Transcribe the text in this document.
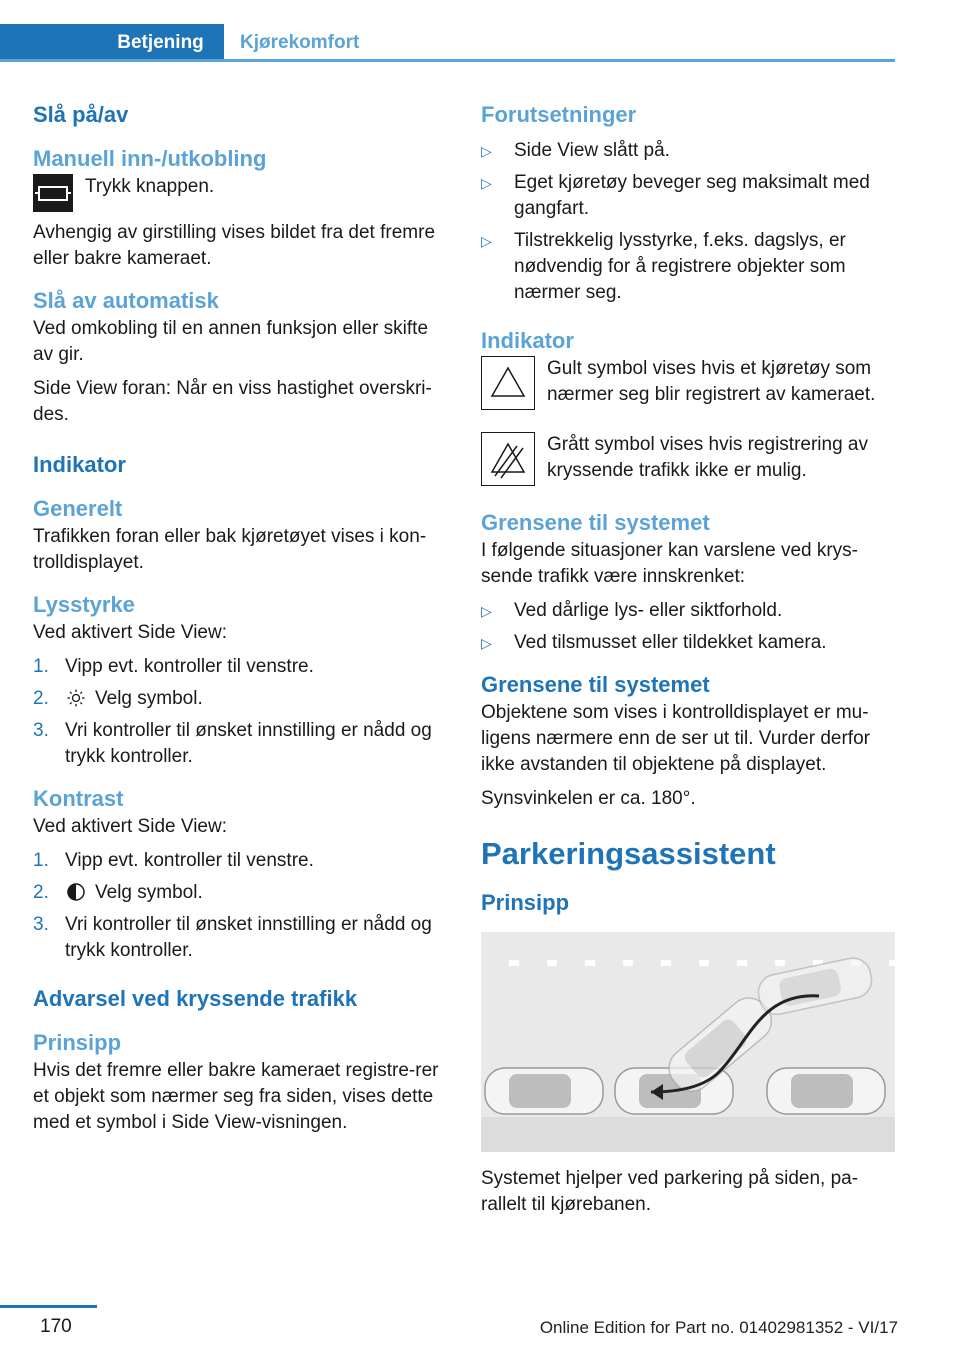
Betjening	Kjørekomfort
Slå på/av
Manuell inn-/utkobling

Trykk knappen.

Avhengig av girstilling vises bildet fra det fremre eller bakre kameraet.

Slå av automatisk

Ved omkobling til en annen funksjon eller skifte av gir.

Side View foran: Når en viss hastighet overskri-des.

Indikator
Generelt

Trafikken foran eller bak kjøretøyet vises i kon-trolldisplayet.

Lysstyrke

Ved aktivert Side View:

1. Vipp evt. kontroller til venstre.
2.	Velg symbol.
3. Vri kontroller til ønsket innstilling er nådd og trykk kontroller.
Kontrast

Ved aktivert Side View:

1. Vipp evt. kontroller til venstre.
2.	Velg symbol.
3. Vri kontroller til ønsket innstilling er nådd og trykk kontroller.
Advarsel ved kryssende trafikk
Prinsipp

Hvis det fremre eller bakre kameraet registre-rer et objekt som nærmer seg fra siden, vises dette med et symbol i Side View-visningen.

Forutsetninger
▷	Side View slått på.
▷	Eget kjøretøy beveger seg maksimalt med gangfart.
▷	Tilstrekkelig lysstyrke, f.eks. dagslys, er nødvendig for å registrere objekter som nærmer seg.
Indikator

Gult symbol vises hvis et kjøretøy som nærmer seg blir registrert av kameraet.

Grått symbol vises hvis registrering av kryssende trafikk ikke er mulig.

Grensene til systemet

I følgende situasjoner kan varslene ved krys-sende trafikk være innskrenket:

▷	Ved dårlige lys- eller siktforhold.
▷	Ved tilsmusset eller tildekket kamera.
Grensene til systemet

Objektene som vises i kontrolldisplayet er mu-ligens nærmere enn de ser ut til. Vurder derfor ikke avstanden til objektene på displayet.

Synsvinkelen er ca. 180°.

Parkeringsassistent
Prinsipp

Systemet hjelper ved parkering på siden, pa-rallelt til kjørebanen.

170	Online Edition for Part no. 01402981352 - VI/17
